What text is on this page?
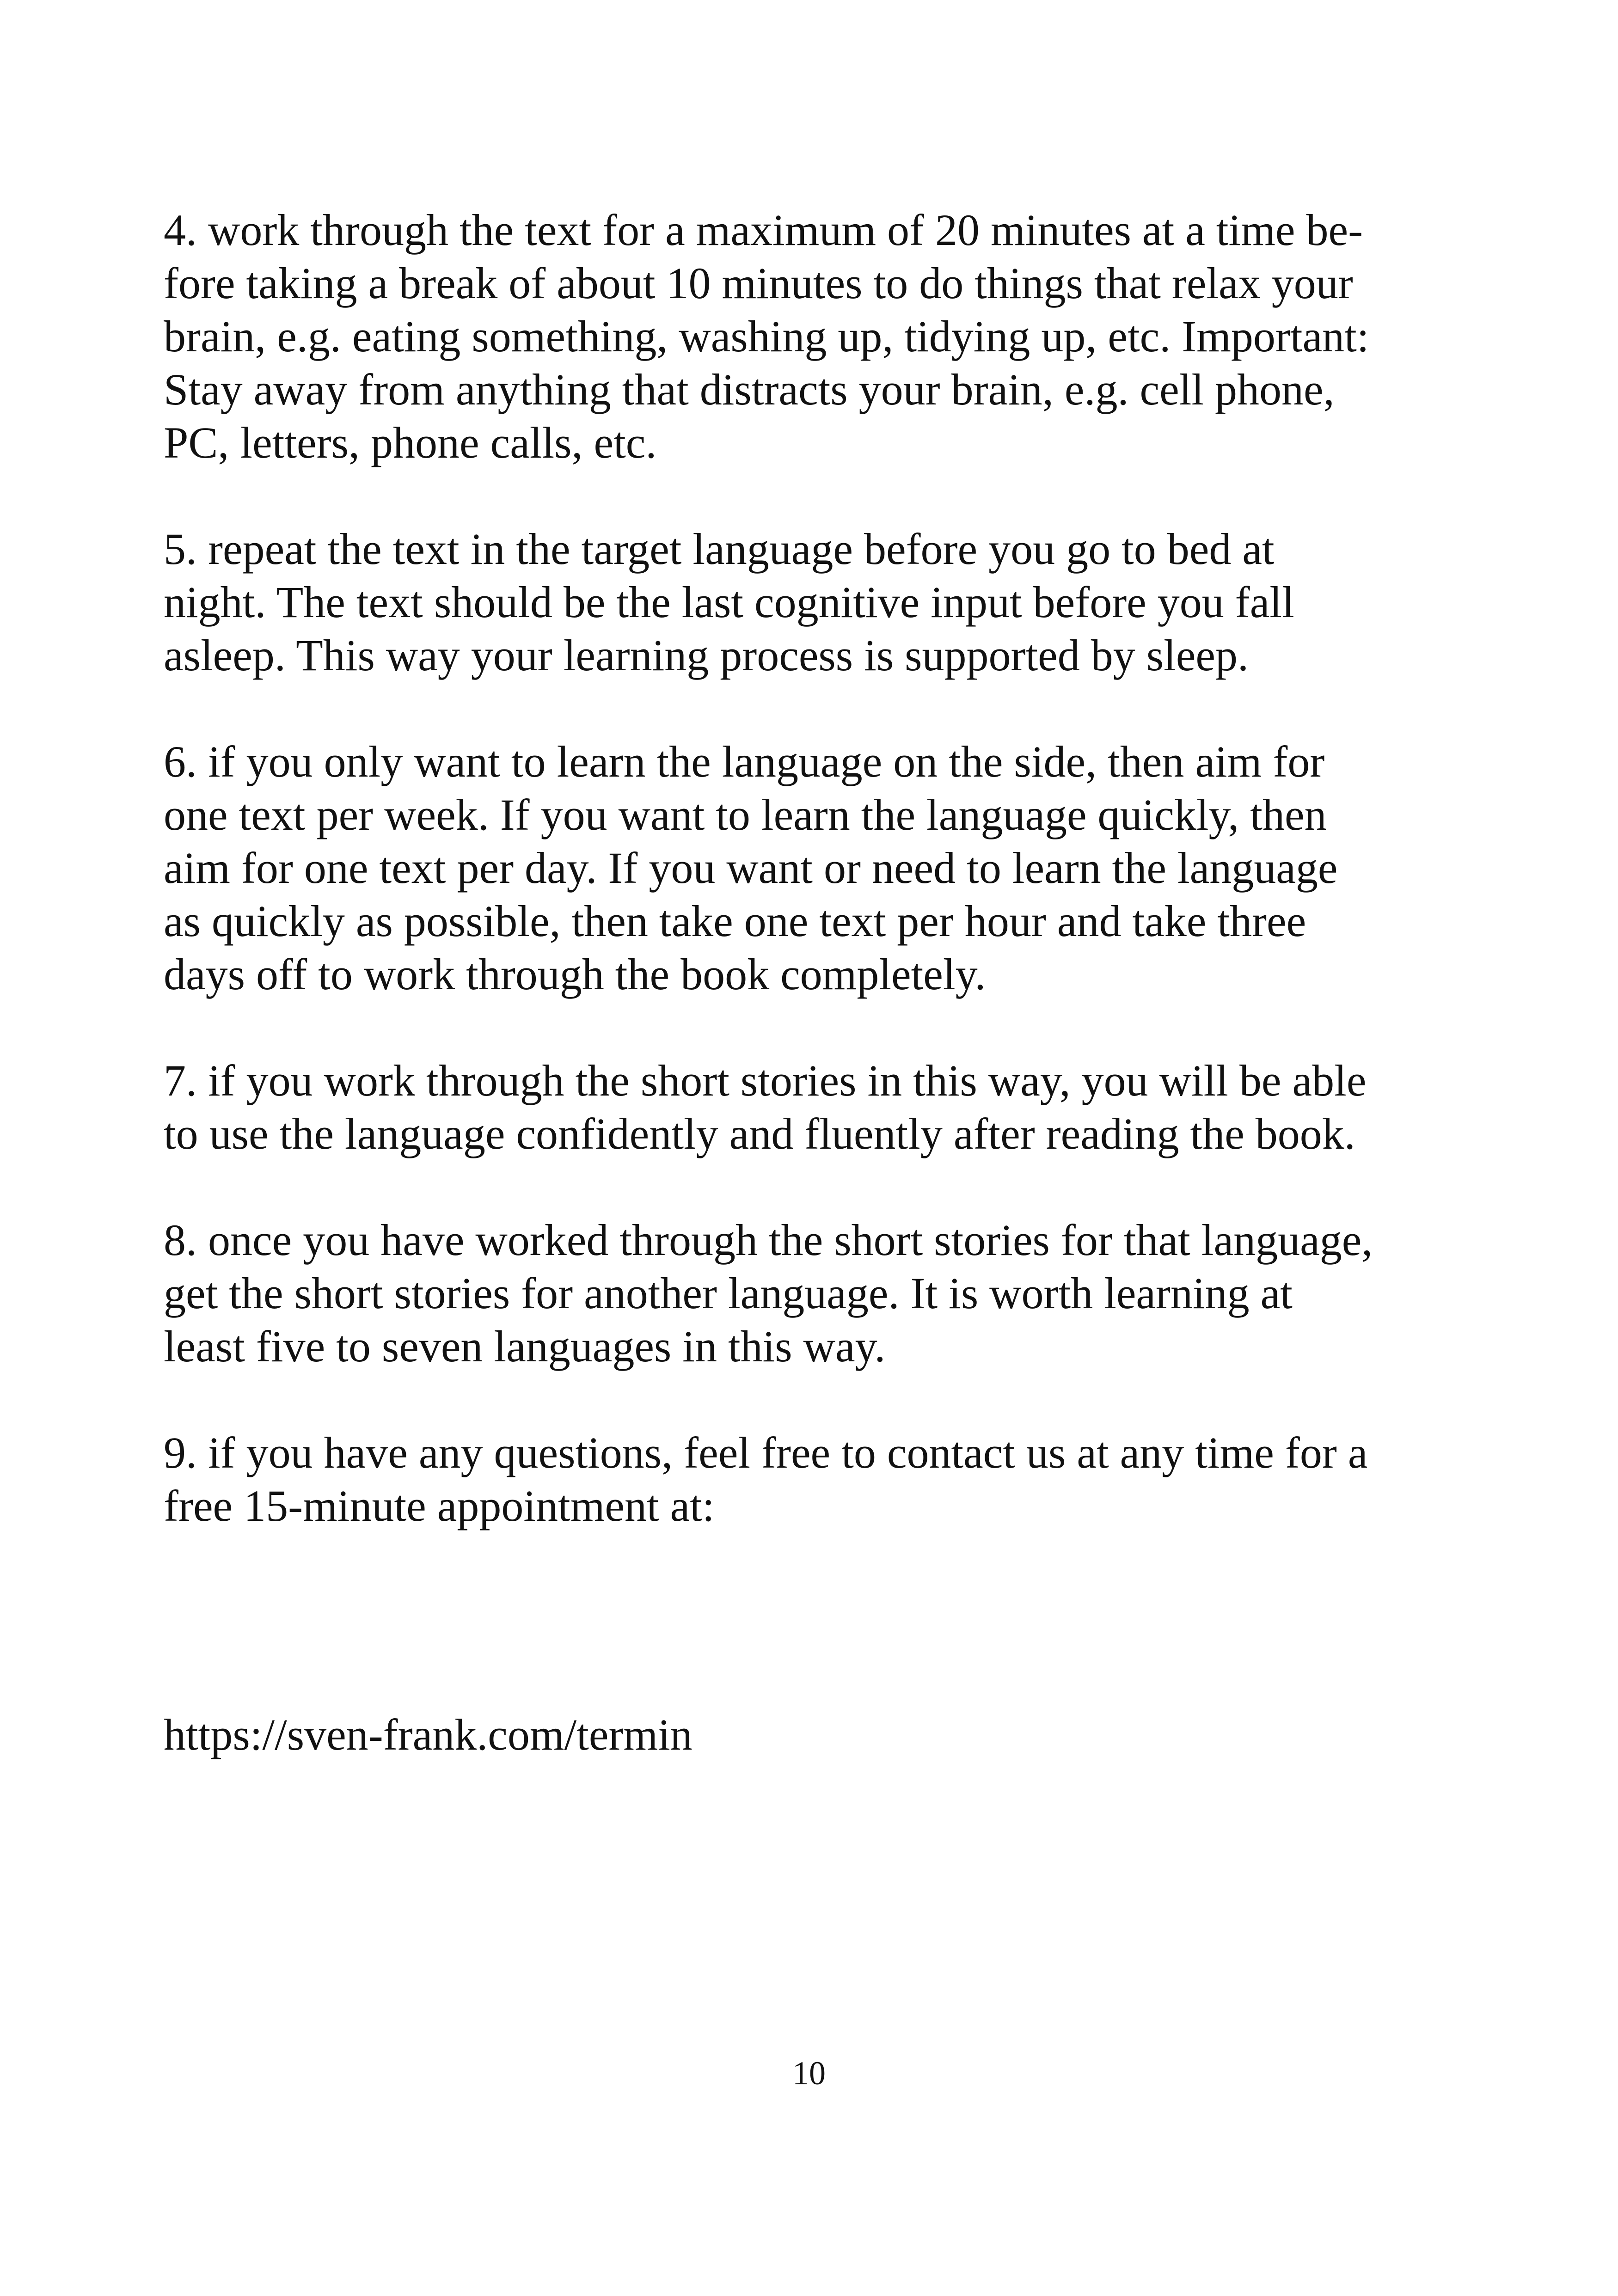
4. work through the text for a maximum of 20 minutes at a time be-
fore taking a break of about 10 minutes to do things that relax your
brain, e.g. eating something, washing up, tidying up, etc. Important:
Stay away from anything that distracts your brain, e.g. cell phone,
PC, letters, phone calls, etc.

5. repeat the text in the target language before you go to bed at
night. The text should be the last cognitive input before you fall
asleep. This way your learning process is supported by sleep.

6. if you only want to learn the language on the side, then aim for
one text per week. If you want to learn the language quickly, then
aim for one text per day. If you want or need to learn the language
as quickly as possible, then take one text per hour and take three
days off to work through the book completely.

7. if you work through the short stories in this way, you will be able
to use the language confidently and fluently after reading the book.

8. once you have worked through the short stories for that language,
get the short stories for another language. It is worth learning at
least five to seven languages in this way.

9. if you have any questions, feel free to contact us at any time for a
free 15-minute appointment at:

https://sven-frank.com/termin
10
